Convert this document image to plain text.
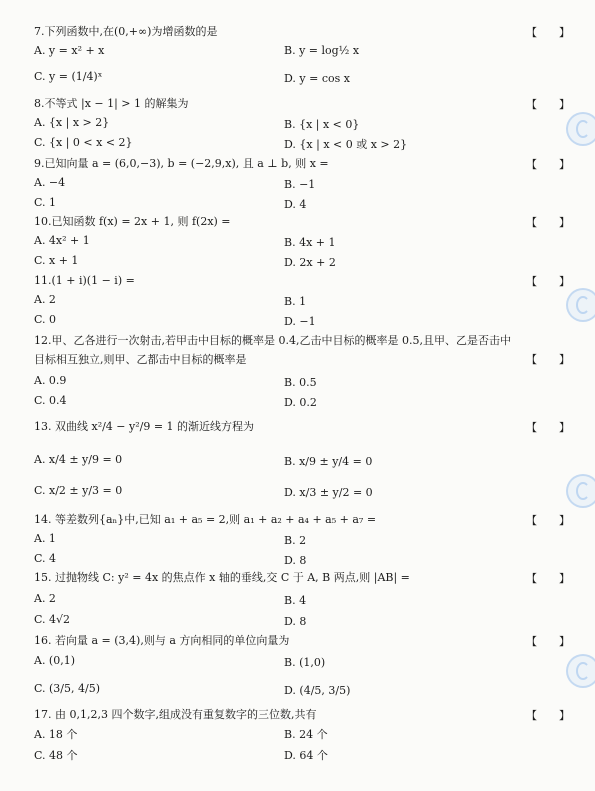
7.下列函数中,在(0,+∞)为增函数的是	【 】
A. y = x² + x	B. y = log½ x
C. y = (1/4)ˣ	D. y = cos x
8.不等式 |x − 1| > 1 的解集为	【 】
A. {x | x > 2}	B. {x | x < 0}
C. {x | 0 < x < 2}	D. {x | x < 0 或 x > 2}
9.已知向量 a = (6,0,−3), b = (−2,9,x), 且 a ⊥ b, 则 x =	【 】
A. −4	B. −1
C. 1	D. 4
10.已知函数 f(x) = 2x + 1, 则 f(2x) =	【 】
A. 4x² + 1	B. 4x + 1
C. x + 1	D. 2x + 2
11.(1 + i)(1 − i) =	【 】
A. 2	B. 1
C. 0	D. −1
12.甲、乙各进行一次射击,若甲击中目标的概率是 0.4,乙击中目标的概率是 0.5,且甲、乙是否击中目标相互独立,则甲、乙都击中目标的概率是	【 】
A. 0.9	B. 0.5
C. 0.4	D. 0.2
13. 双曲线 x²/4 − y²/9 = 1 的渐近线方程为	【 】
A. x/4 ± y/9 = 0	B. x/9 ± y/4 = 0
C. x/2 ± y/3 = 0	D. x/3 ± y/2 = 0
14. 等差数列{aₙ}中,已知 a₁ + a₅ = 2,则 a₁ + a₂ + a₄ + a₅ + a₇ =	【 】
A. 1	B. 2
C. 4	D. 8
15. 过抛物线 C: y² = 4x 的焦点作 x 轴的垂线,交 C 于 A, B 两点,则 |AB| =	【 】
A. 2	B. 4
C. 4√2	D. 8
16. 若向量 a = (3,4),则与 a 方向相同的单位向量为	【 】
A. (0,1)	B. (1,0)
C. (3/5, 4/5)	D. (4/5, 3/5)
17. 由 0,1,2,3 四个数字,组成没有重复数字的三位数,共有	【 】
A. 18 个	B. 24 个
C. 48 个	D. 64 个
